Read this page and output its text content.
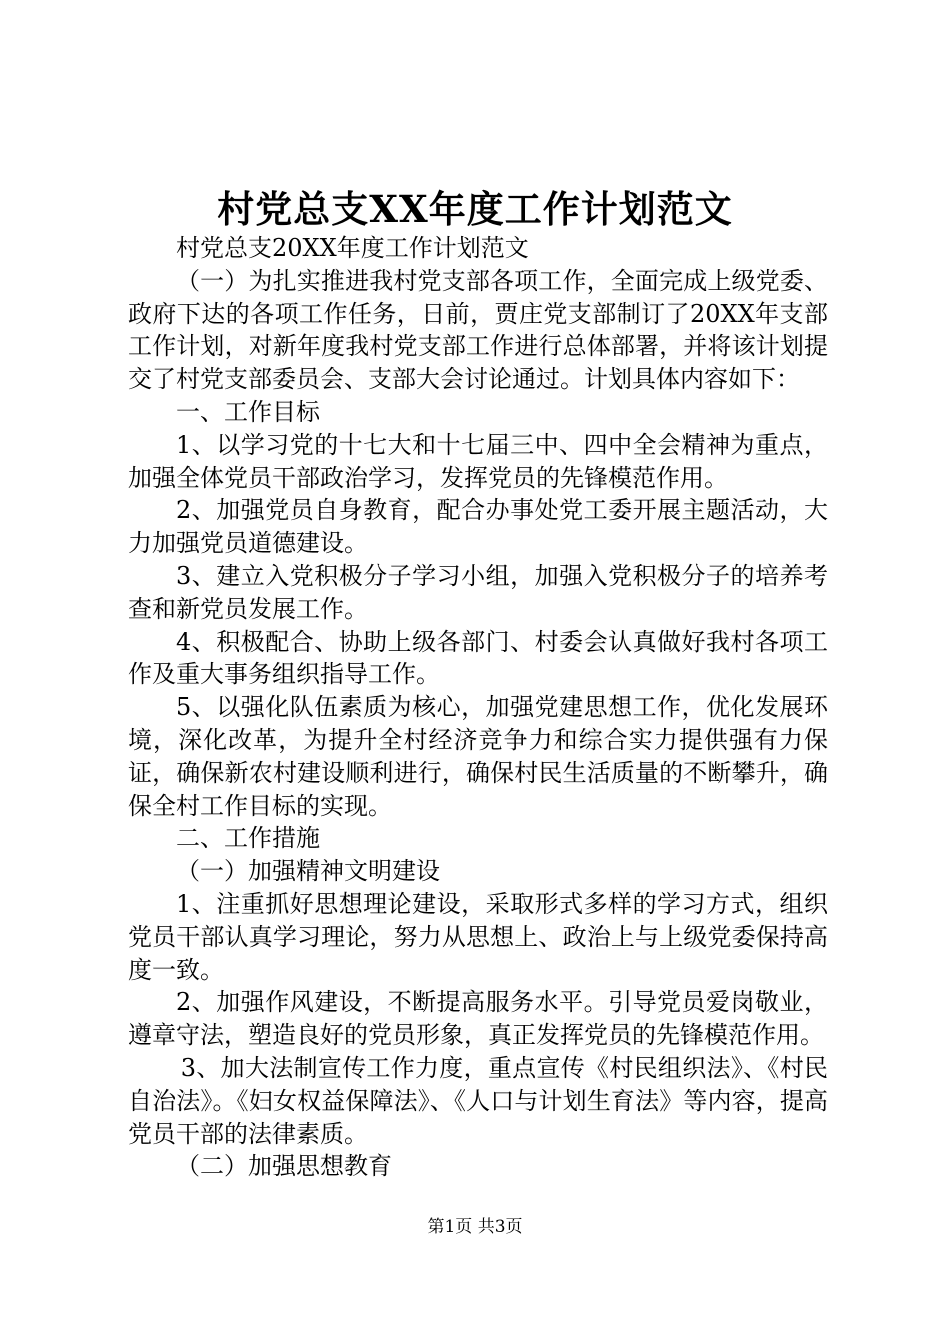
村党总支XX年度工作计划范文

村党总支20XX年度工作计划范文

（一）为扎实推进我村党支部各项工作，全面完成上级党委、政府下达的各项工作任务，日前，贾庄党支部制订了20XX年支部工作计划，对新年度我村党支部工作进行总体部署，并将该计划提交了村党支部委员会、支部大会讨论通过。计划具体内容如下：

一、工作目标

1、以学习党的十七大和十七届三中、四中全会精神为重点，加强全体党员干部政治学习，发挥党员的先锋模范作用。

2、加强党员自身教育，配合办事处党工委开展主题活动，大力加强党员道德建设。

3、建立入党积极分子学习小组，加强入党积极分子的培养考查和新党员发展工作。

4、积极配合、协助上级各部门、村委会认真做好我村各项工作及重大事务组织指导工作。

5、以强化队伍素质为核心，加强党建思想工作，优化发展环境，深化改革，为提升全村经济竞争力和综合实力提供强有力保证，确保新农村建设顺利进行，确保村民生活质量的不断攀升，确保全村工作目标的实现。

二、工作措施

（一）加强精神文明建设

1、注重抓好思想理论建设，采取形式多样的学习方式，组织党员干部认真学习理论，努力从思想上、政治上与上级党委保持高度一致。

2、加强作风建设，不断提高服务水平。引导党员爱岗敬业，遵章守法，塑造良好的党员形象，真正发挥党员的先锋模范作用。

3、加大法制宣传工作力度，重点宣传《村民组织法》、《村民自治法》。《妇女权益保障法》、《人口与计划生育法》等内容，提高党员干部的法律素质。

（二）加强思想教育

第1页 共3页
